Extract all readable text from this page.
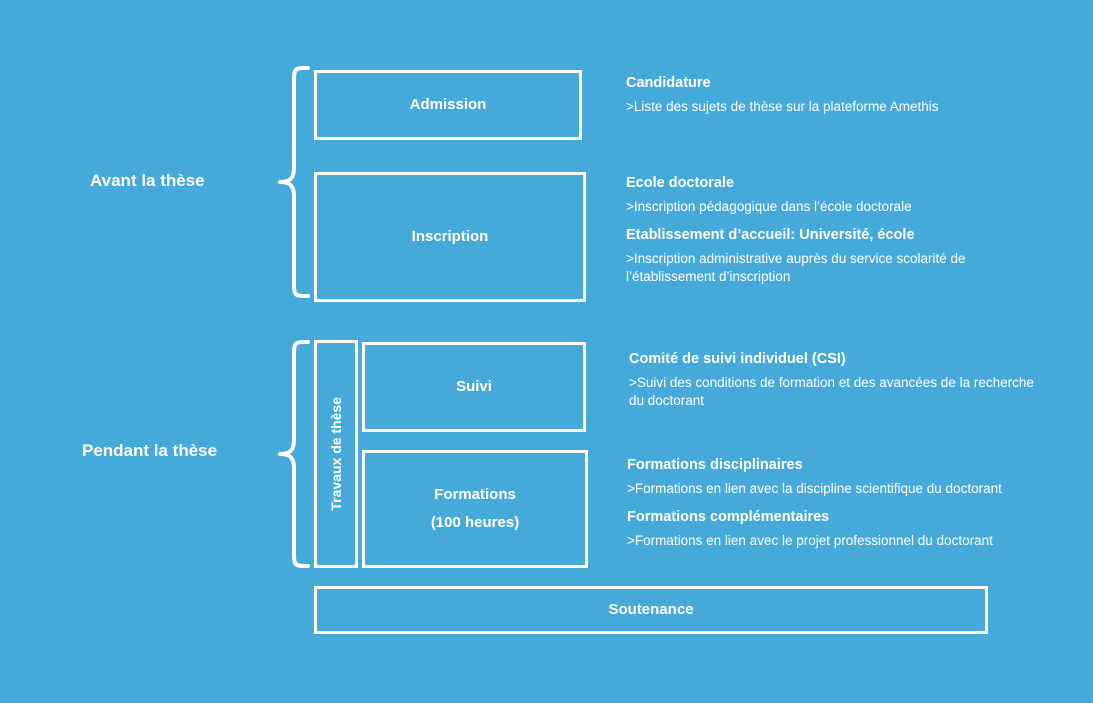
Avant la thèse
Admission

Candidature

>Liste des sujets de thèse sur la plateforme Amethis

Inscription

Ecole doctorale

>Inscription pédagogique dans l’école doctorale

Etablissement d’accueil: Université, école

>Inscription administrative auprès du service scolarité de l’établissement d’inscription

Pendant la thèse	Travaux de thèse
Suivi

Comité de suivi individuel (CSI)

>Suivi des conditions de formation et des avancées de la recherche du doctorant

Formations
(100 heures)

Formations disciplinaires

>Formations en lien avec la discipline scientifique du doctorant

Formations complémentaires

>Formations en lien avec le projet professionnel du doctorant

Soutenance
